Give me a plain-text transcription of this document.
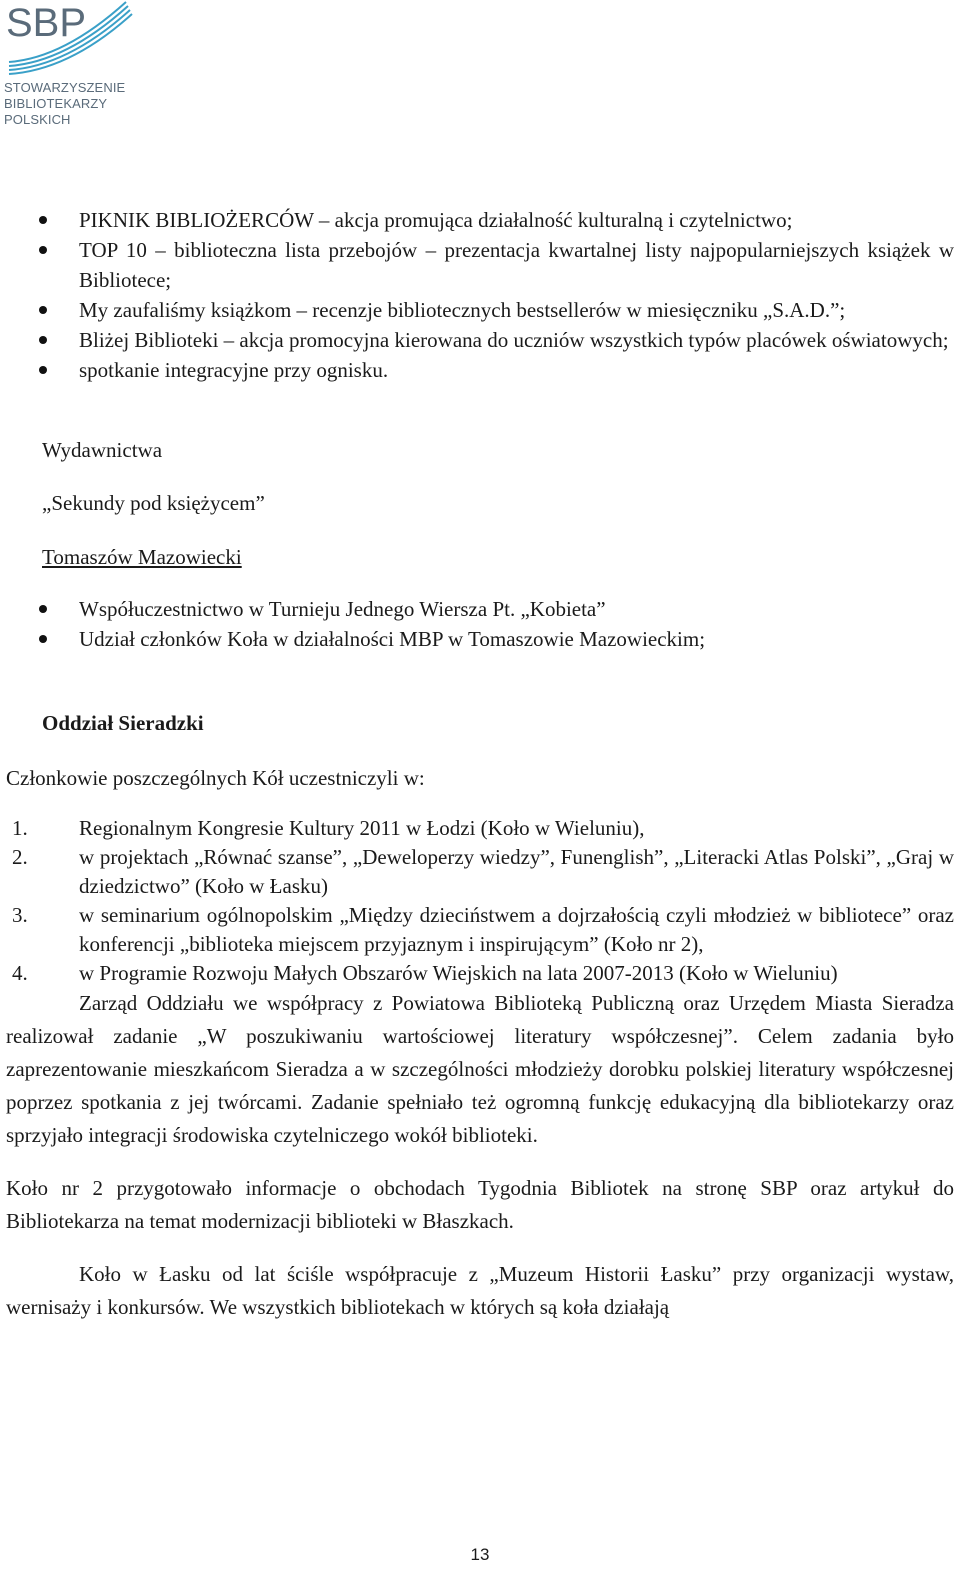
SBP
STOWARZYSZENIE
BIBLIOTEKARZY
POLSKICH
PIKNIK BIBLIOŻERCÓW – akcja promująca działalność kulturalną i czytelnictwo;
TOP 10 – biblioteczna lista przebojów – prezentacja kwartalnej listy najpopularniejszych książek w Bibliotece;
My zaufaliśmy książkom – recenzje bibliotecznych bestsellerów w miesięczniku „S.A.D.”;
Bliżej Biblioteki – akcja promocyjna kierowana do uczniów wszystkich typów placówek oświatowych;
spotkanie integracyjne przy ognisku.
Wydawnictwa
„Sekundy pod księżycem”
Tomaszów Mazowiecki
Współuczestnictwo w Turnieju Jednego Wiersza Pt. „Kobieta”
Udział członków Koła w działalności MBP w Tomaszowie Mazowieckim;
Oddział Sieradzki
Członkowie poszczególnych Kół uczestniczyli w:
1. Regionalnym Kongresie Kultury 2011 w Łodzi (Koło w Wieluniu),
2. w projektach „Równać szanse”, „Deweloperzy wiedzy”, Funenglish”, „Literacki Atlas Polski”, „Graj w dziedzictwo” (Koło w Łasku)
3. w seminarium ogólnopolskim „Między dzieciństwem a dojrzałością czyli młodzież w bibliotece” oraz konferencji „biblioteka miejscem przyjaznym i inspirującym” (Koło nr 2),
4. w Programie Rozwoju Małych Obszarów Wiejskich na lata 2007-2013 (Koło w Wieluniu)

Zarząd Oddziału we współpracy z Powiatowa Biblioteką Publiczną oraz Urzędem Miasta Sieradza realizował zadanie „W poszukiwaniu wartościowej literatury współczesnej”. Celem zadania było zaprezentowanie mieszkańcom Sieradza a w szczególności młodzieży dorobku polskiej literatury współczesnej poprzez spotkania z jej twórcami. Zadanie spełniało też ogromną funkcję edukacyjną dla bibliotekarzy oraz sprzyjało integracji środowiska czytelniczego wokół biblioteki.

Koło nr 2 przygotowało informacje o obchodach Tygodnia Bibliotek na stronę SBP oraz artykuł do Bibliotekarza na temat modernizacji biblioteki w Błaszkach.

Koło w Łasku od lat ściśle współpracuje z „Muzeum Historii Łasku” przy organizacji wystaw, wernisaży i konkursów. We wszystkich bibliotekach w których są koła działają

13
